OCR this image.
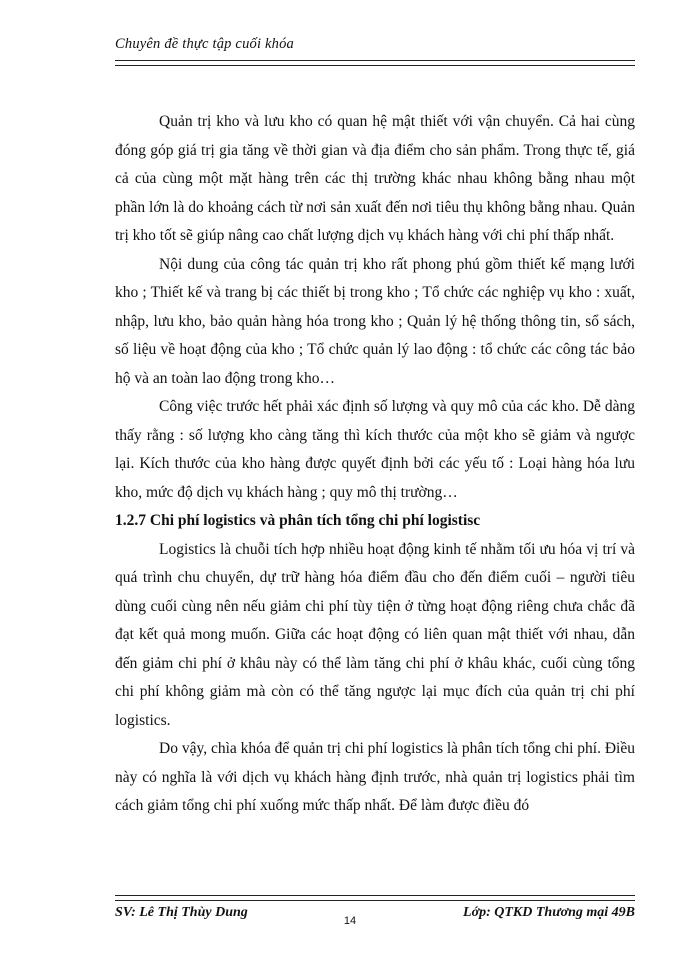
Chuyên đề thực tập cuối khóa

Quản trị kho và lưu kho có quan hệ mật thiết với vận chuyển. Cả hai cùng đóng góp giá trị gia tăng về thời gian và địa điểm cho sản phẩm. Trong thực tế, giá cả của cùng một mặt hàng trên các thị trường khác nhau không bằng nhau một phần lớn là do khoảng cách từ nơi sản xuất đến nơi tiêu thụ không bằng nhau. Quản trị kho tốt sẽ giúp nâng cao chất lượng dịch vụ khách hàng với chi phí thấp nhất.

Nội dung của công tác quản trị kho rất phong phú gồm thiết kế mạng lưới kho ; Thiết kế và trang bị các thiết bị trong kho ; Tổ chức các nghiệp vụ kho : xuất, nhập, lưu kho, bảo quản hàng hóa trong kho ; Quản lý hệ thống thông tin, sổ sách, số liệu về hoạt động của kho ; Tổ chức quản lý lao động : tổ chức các công tác bảo hộ và an toàn lao động trong kho…

Công việc trước hết phải xác định số lượng và quy mô của các kho. Dễ dàng thấy rằng : số lượng kho càng tăng thì kích thước của một kho sẽ giảm và ngược lại. Kích thước của kho hàng được quyết định bởi các yếu tố : Loại hàng hóa lưu kho, mức độ dịch vụ khách hàng ; quy mô thị trường…

1.2.7 Chi phí logistics và phân tích tổng chi phí logistisc

Logistics là chuỗi tích hợp nhiều hoạt động kinh tế nhằm tối ưu hóa vị trí và quá trình chu chuyển, dự trữ hàng hóa điểm đầu cho đến điểm cuối – người tiêu dùng cuối cùng nên nếu giảm chi phí tùy tiện ở từng hoạt động riêng chưa chắc đã đạt kết quả mong muốn. Giữa các hoạt động có liên quan mật thiết với nhau, dẫn đến giảm chi phí ở khâu này có thể làm tăng chi phí ở khâu khác, cuối cùng tổng chi phí không giảm mà còn có thể tăng ngược lại mục đích của quản trị chi phí logistics.

Do vậy, chìa khóa để quản trị chi phí logistics là phân tích tổng chi phí. Điều này có nghĩa là với dịch vụ khách hàng định trước, nhà quản trị logistics phải tìm cách giảm tổng chi phí xuống mức thấp nhất. Để làm được điều đó

SV: Lê Thị Thùy Dung
14
Lớp: QTKD Thương mại 49B
